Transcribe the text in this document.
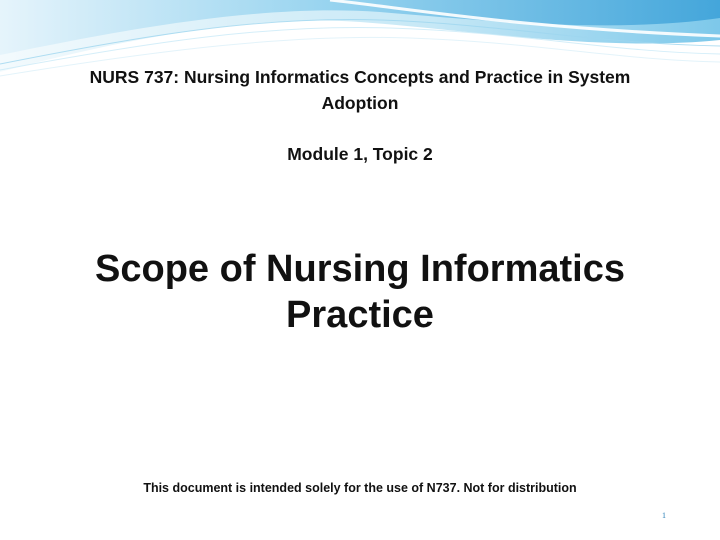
NURS 737: Nursing Informatics Concepts and Practice in System Adoption
Module 1, Topic 2
Scope of Nursing Informatics Practice
This document is intended solely for the use of N737. Not for distribution
1
